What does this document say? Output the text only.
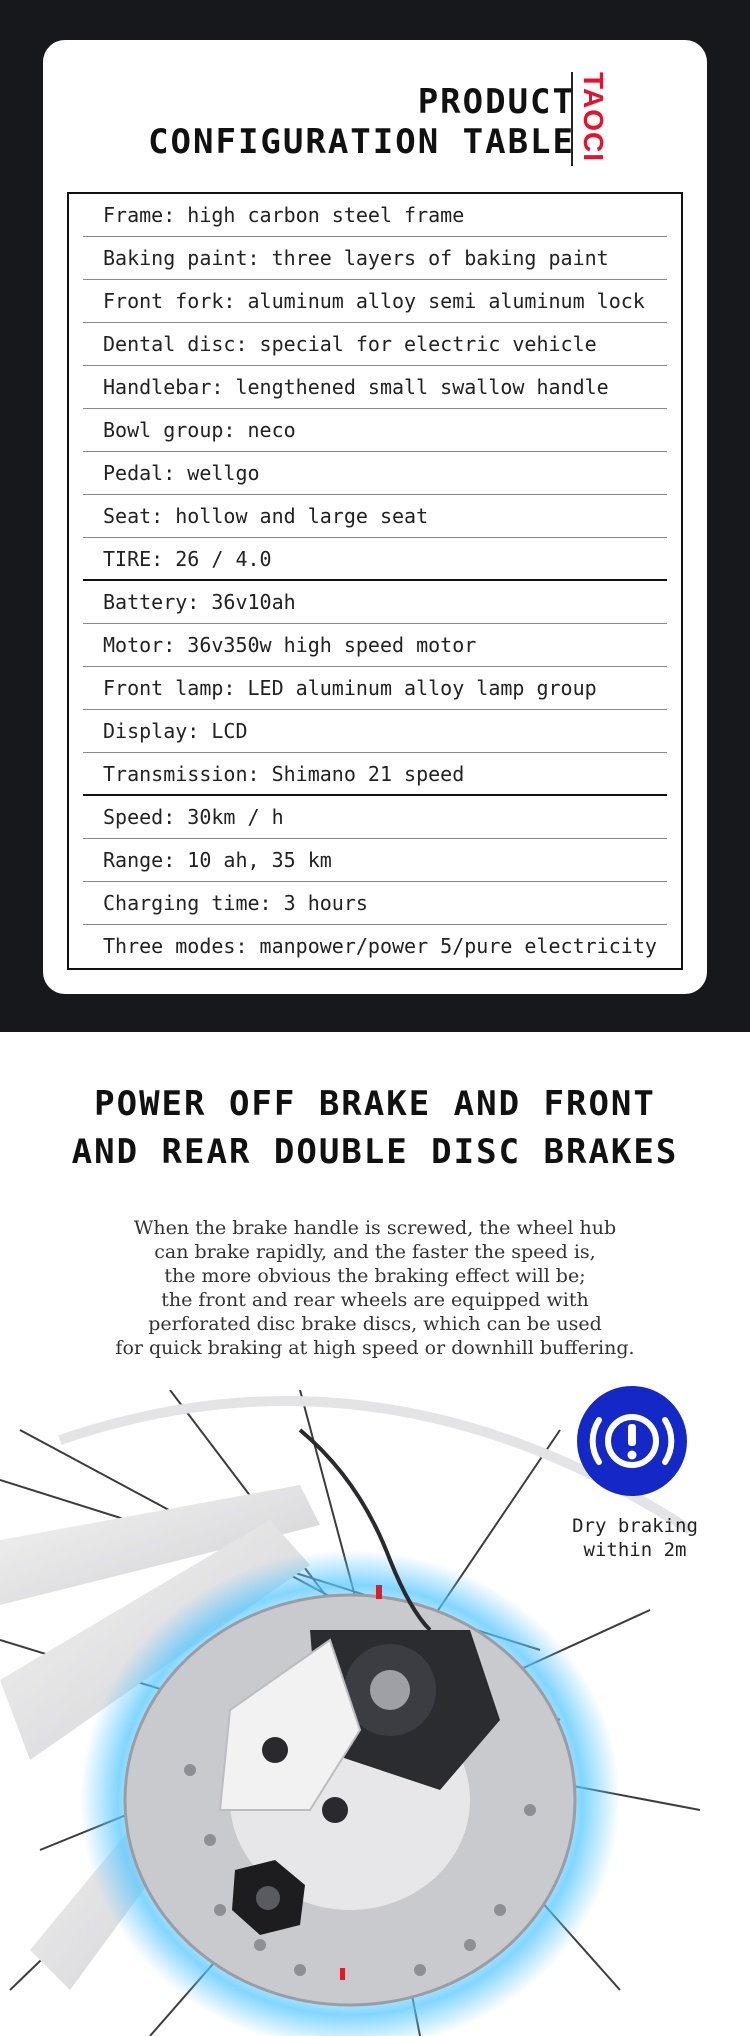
PRODUCT
CONFIGURATION TABLE TAOCI
Frame: high carbon steel frame
Baking paint: three layers of baking paint
Front fork: aluminum alloy semi aluminum lock
Dental disc: special for electric vehicle
Handlebar: lengthened small swallow handle
Bowl group: neco
Pedal: wellgo
Seat: hollow and large seat
TIRE: 26 / 4.0
Battery: 36v10ah
Motor: 36v350w high speed motor
Front lamp: LED aluminum alloy lamp group
Display: LCD
Transmission: Shimano 21 speed
Speed: 30km / h
Range: 10 ah, 35 km
Charging time: 3 hours
Three modes: manpower/power 5/pure electricity
POWER OFF BRAKE AND FRONT
AND REAR DOUBLE DISC BRAKES
When the brake handle is screwed, the wheel hub
can brake rapidly, and the faster the speed is,
the more obvious the braking effect will be;
the front and rear wheels are equipped with
perforated disc brake discs, which can be used
for quick braking at high speed or downhill buffering.
Dry braking
within 2m
